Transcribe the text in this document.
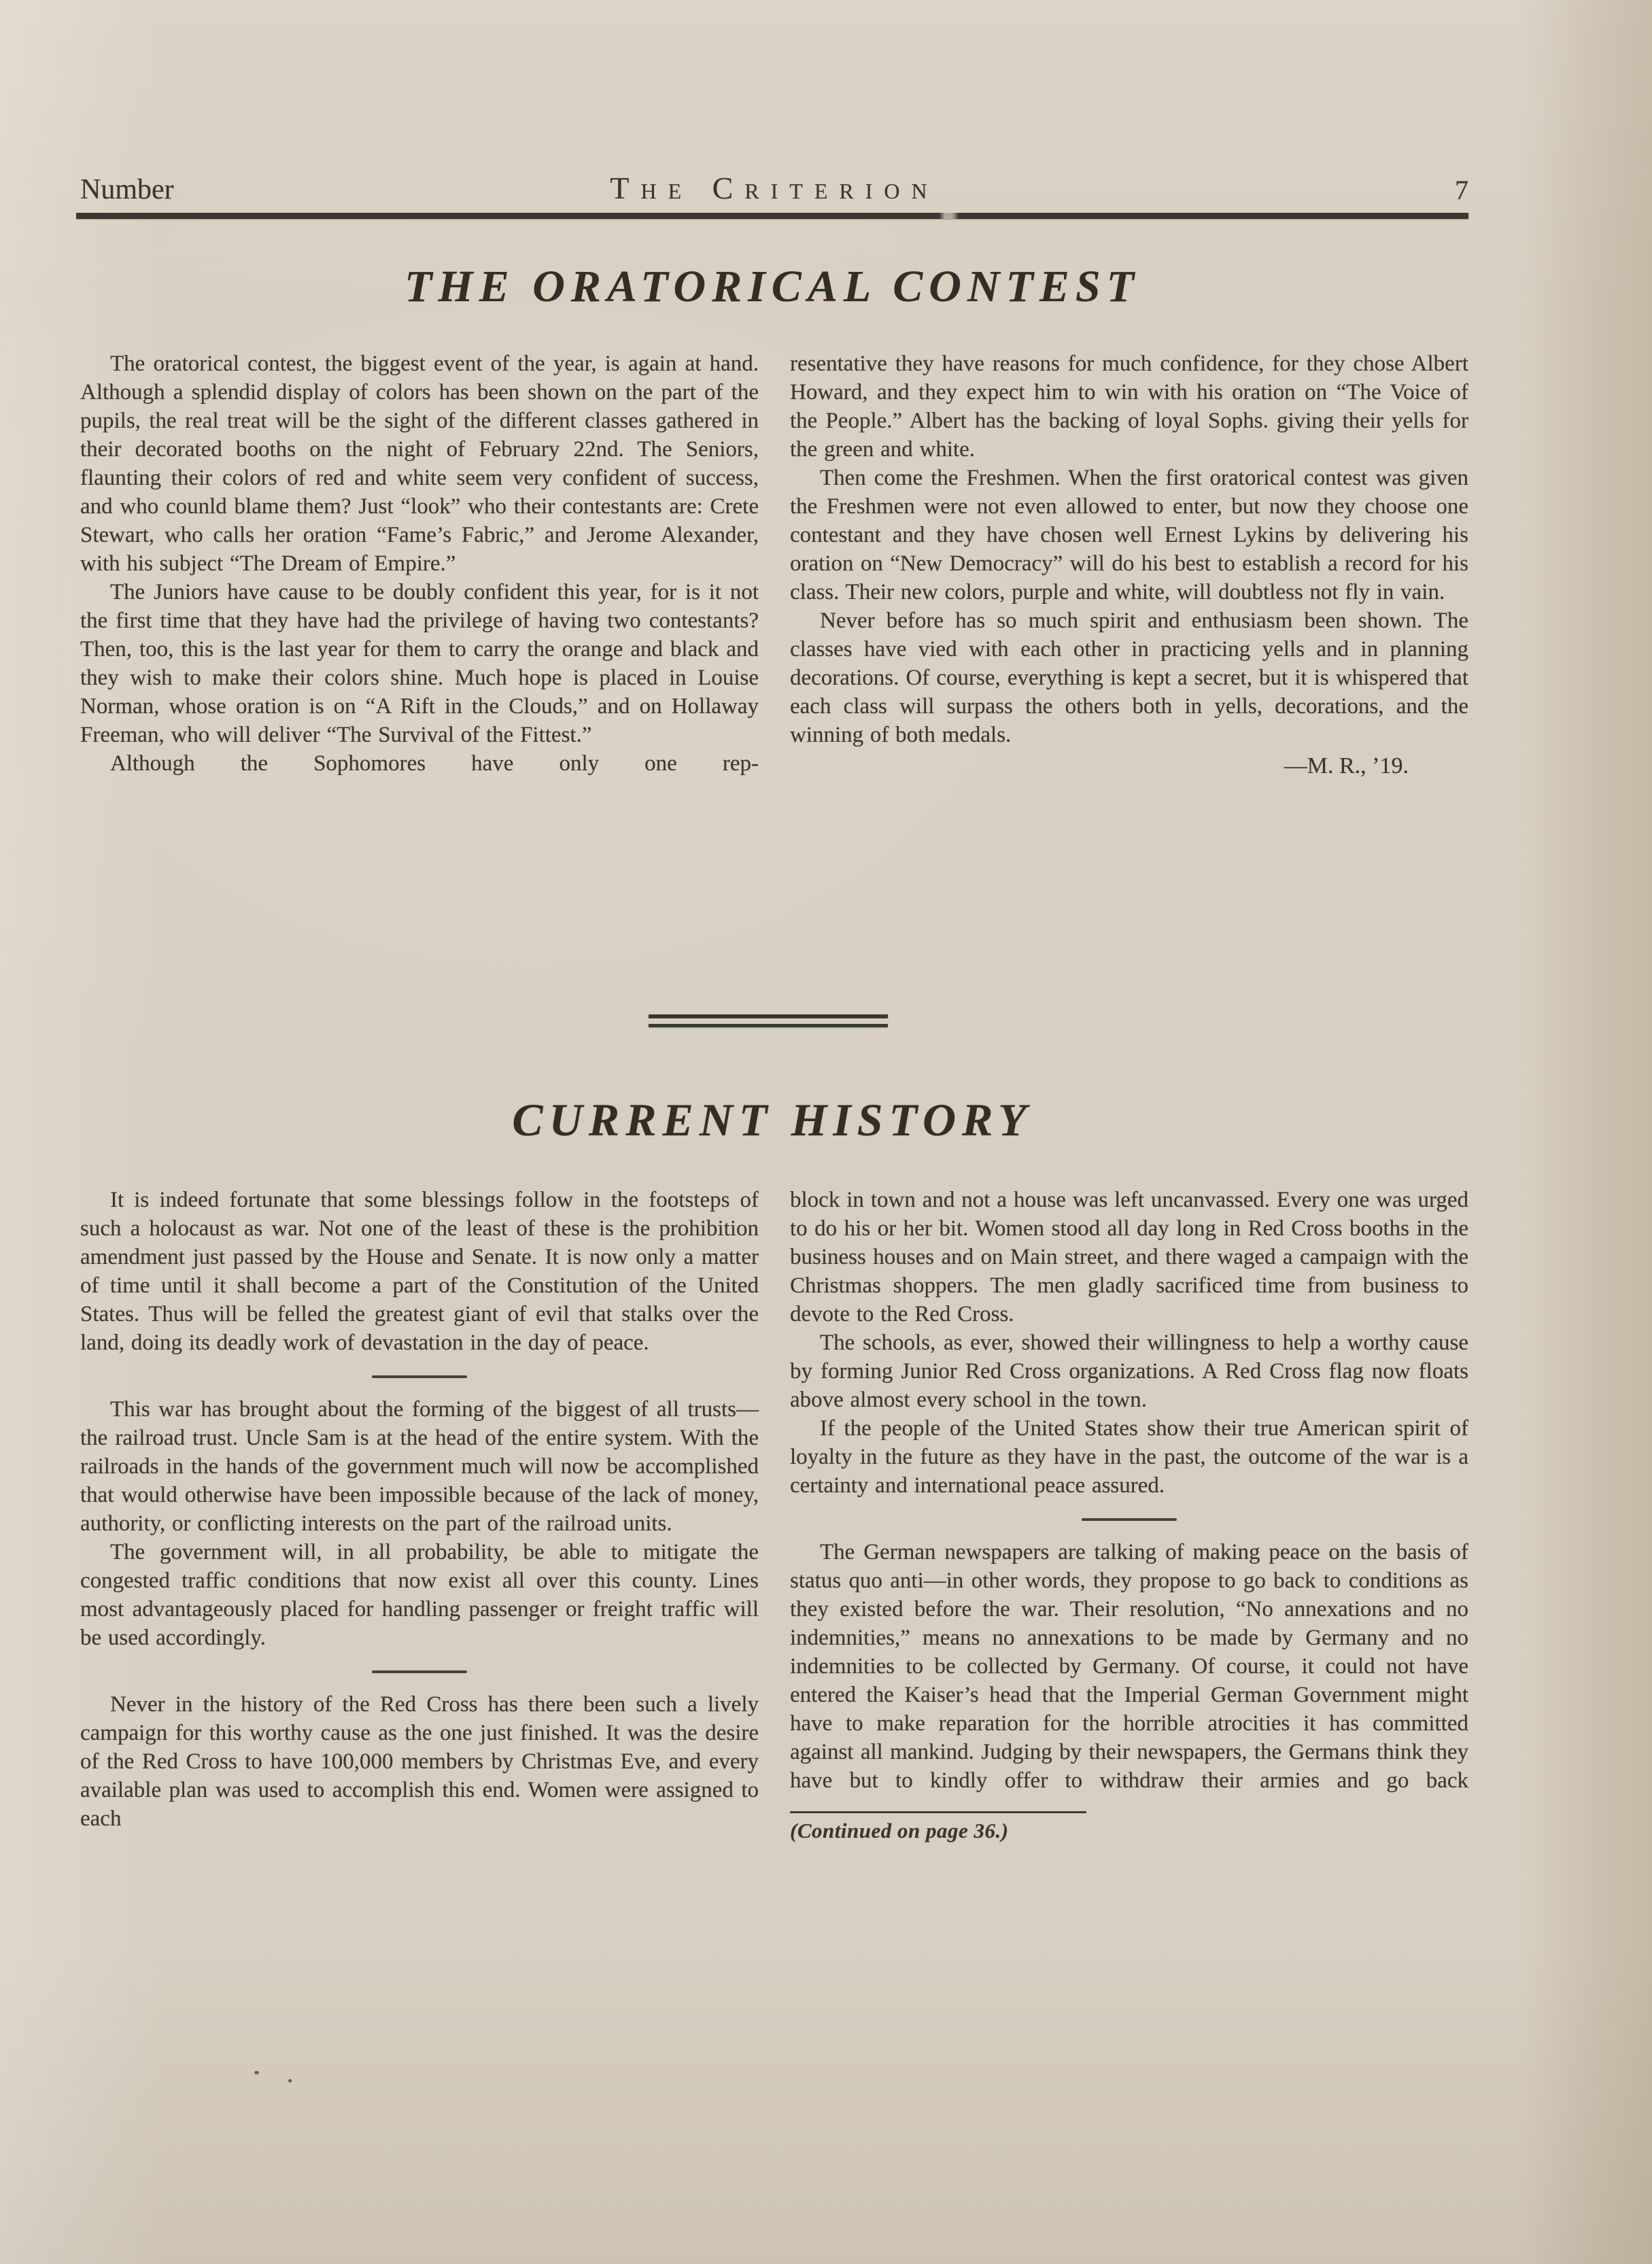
Number	The Criterion	7
THE ORATORICAL CONTEST

The oratorical contest, the biggest event of the year, is again at hand. Although a splendid display of colors has been shown on the part of the pupils, the real treat will be the sight of the different classes gathered in their decorated booths on the night of February 22nd. The Seniors, flaunting their colors of red and white seem very confident of success, and who counld blame them? Just “look” who their contestants are: Crete Stewart, who calls her oration “Fame’s Fabric,” and Jerome Alexander, with his subject “The Dream of Empire.”

The Juniors have cause to be doubly confident this year, for is it not the first time that they have had the privilege of having two contestants? Then, too, this is the last year for them to carry the orange and black and they wish to make their colors shine. Much hope is placed in Louise Norman, whose oration is on “A Rift in the Clouds,” and on Hollaway Freeman, who will deliver “The Survival of the Fittest.”

Although the Sophomores have only one rep-

resentative they have reasons for much confidence, for they chose Albert Howard, and they expect him to win with his oration on “The Voice of the People.” Albert has the backing of loyal Sophs. giving their yells for the green and white.

Then come the Freshmen. When the first oratorical contest was given the Freshmen were not even allowed to enter, but now they choose one contestant and they have chosen well Ernest Lykins by delivering his oration on “New Democracy” will do his best to establish a record for his class. Their new colors, purple and white, will doubtless not fly in vain.

Never before has so much spirit and enthusiasm been shown. The classes have vied with each other in practicing yells and in planning decorations. Of course, everything is kept a secret, but it is whispered that each class will surpass the others both in yells, decorations, and the winning of both medals.

—M. R., ’19.

CURRENT HISTORY

It is indeed fortunate that some blessings follow in the footsteps of such a holocaust as war. Not one of the least of these is the prohibition amendment just passed by the House and Senate. It is now only a matter of time until it shall become a part of the Constitution of the United States. Thus will be felled the greatest giant of evil that stalks over the land, doing its deadly work of devastation in the day of peace.

This war has brought about the forming of the biggest of all trusts—the railroad trust. Uncle Sam is at the head of the entire system. With the railroads in the hands of the government much will now be accomplished that would otherwise have been impossible because of the lack of money, authority, or conflicting interests on the part of the railroad units.

The government will, in all probability, be able to mitigate the congested traffic conditions that now exist all over this county. Lines most advantageously placed for handling passenger or freight traffic will be used accordingly.

Never in the history of the Red Cross has there been such a lively campaign for this worthy cause as the one just finished. It was the desire of the Red Cross to have 100,000 members by Christmas Eve, and every available plan was used to accomplish this end. Women were assigned to each

block in town and not a house was left uncanvassed. Every one was urged to do his or her bit. Women stood all day long in Red Cross booths in the business houses and on Main street, and there waged a campaign with the Christmas shoppers. The men gladly sacrificed time from business to devote to the Red Cross.

The schools, as ever, showed their willingness to help a worthy cause by forming Junior Red Cross organizations. A Red Cross flag now floats above almost every school in the town.

If the people of the United States show their true American spirit of loyalty in the future as they have in the past, the outcome of the war is a certainty and international peace assured.

The German newspapers are talking of making peace on the basis of status quo anti—in other words, they propose to go back to conditions as they existed before the war. Their resolution, “No annexations and no indemnities,” means no annexations to be made by Germany and no indemnities to be collected by Germany. Of course, it could not have entered the Kaiser’s head that the Imperial German Government might have to make reparation for the horrible atrocities it has committed against all mankind. Judging by their newspapers, the Germans think they have but to kindly offer to withdraw their armies and go back

(Continued on page 36.)
